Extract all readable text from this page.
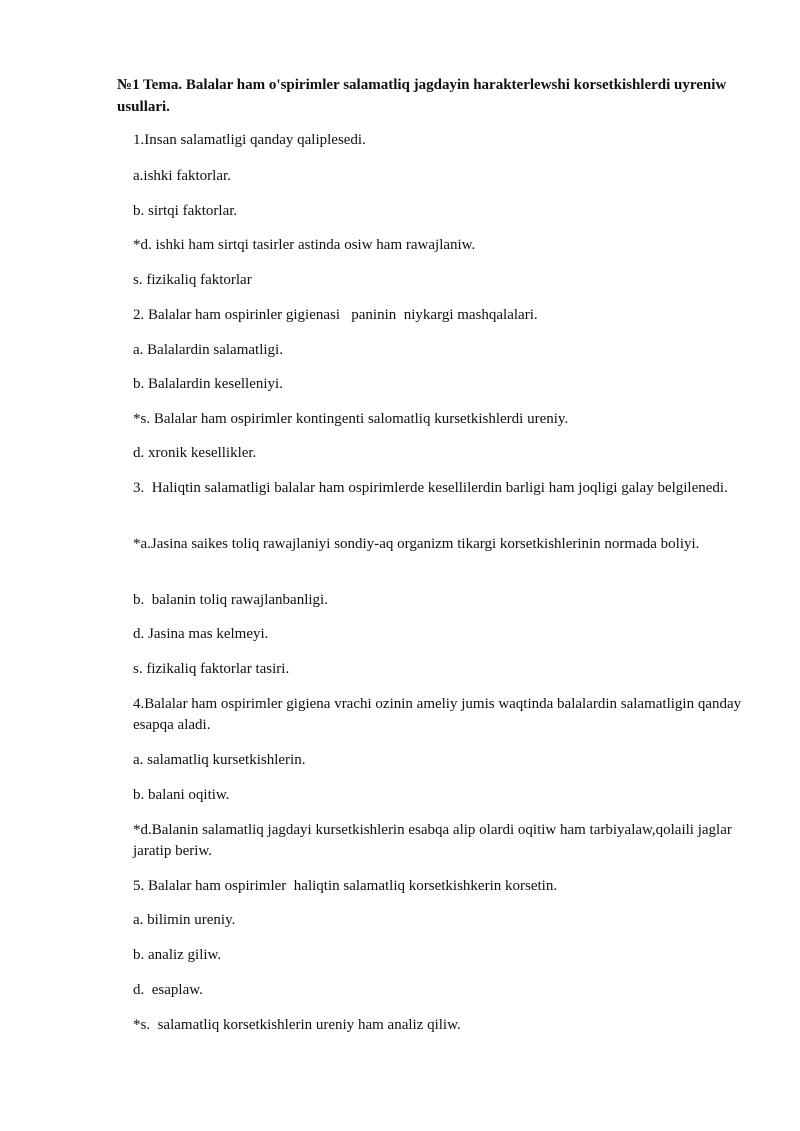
№1 Tema. Balalar ham o'spirimler salamatliq jagdayin harakterlewshi korsetkishlerdi uyreniw usullari.

1.Insan salamatligi qanday qaliplesedi.

a.ishki faktorlar.

b. sirtqi faktorlar.

*d. ishki ham sirtqi tasirler astinda osiw ham rawajlaniw.

s. fizikaliq faktorlar

2. Balalar ham ospirinler gigienasi   paninin  niykargi mashqalalari.

a. Balalardin salamatligi.

b. Balalardin keselleniyi.

*s. Balalar ham ospirimler kontingenti salomatliq kursetkishlerdi ureniy.

d. xronik kesellikler.

3.  Haliqtin salamatligi balalar ham ospirimlerde kesellilerdin barligi ham joqligi galay belgilenedi.

*a.Jasina saikes toliq rawajlaniyi sondiy-aq organizm tikargi korsetkishlerinin normada boliyi.

b.  balanin toliq rawajlanbanligi.

d. Jasina mas kelmeyi.

s. fizikaliq faktorlar tasiri.

4.Balalar ham ospirimler gigiena vrachi ozinin ameliy jumis waqtinda balalardin salamatligin qanday esapqa aladi.

a. salamatliq kursetkishlerin.

b. balani oqitiw.

*d.Balanin salamatliq jagdayi kursetkishlerin esabqa alip olardi oqitiw ham tarbiyalaw,qolaili jaglar jaratip beriw.

5. Balalar ham ospirimler  haliqtin salamatliq korsetkishkerin korsetin.

a. bilimin ureniy.

b. analiz giliw.

d.  esaplaw.

*s.  salamatliq korsetkishlerin ureniy ham analiz qiliw.
